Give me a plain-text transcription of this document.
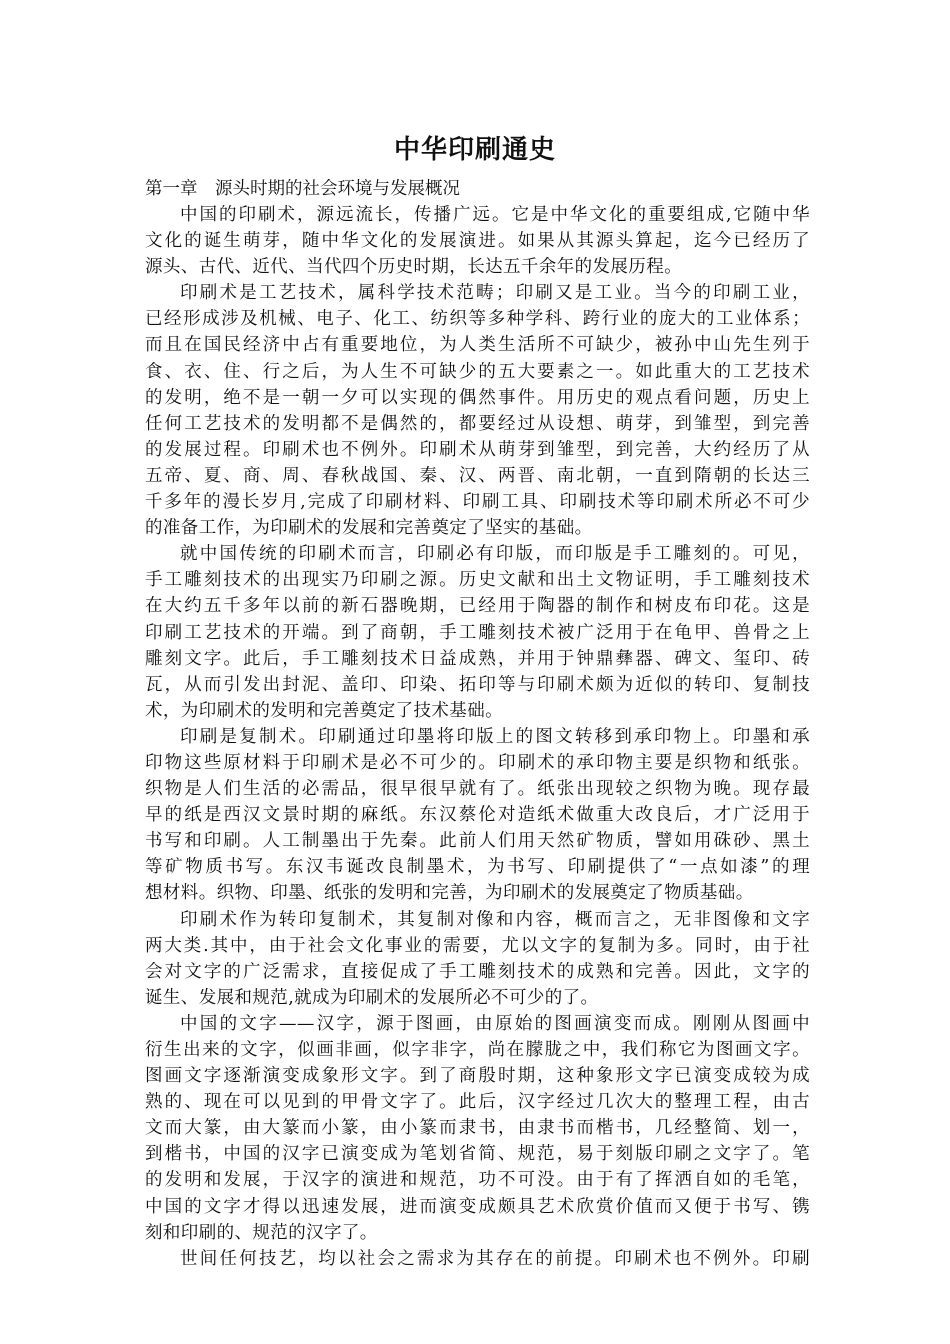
中华印刷通史
第一章　源头时期的社会环境与发展概况
中国的印刷术，源远流长，传播广远。它是中华文化的重要组成,它随中华
文化的诞生萌芽，随中华文化的发展演进。如果从其源头算起，迄今已经历了
源头、古代、近代、当代四个历史时期，长达五千余年的发展历程。
印刷术是工艺技术，属科学技术范畴；印刷又是工业。当今的印刷工业，
已经形成涉及机械、电子、化工、纺织等多种学科、跨行业的庞大的工业体系；
而且在国民经济中占有重要地位，为人类生活所不可缺少，被孙中山先生列于
食、衣、住、行之后，为人生不可缺少的五大要素之一。如此重大的工艺技术
的发明，绝不是一朝一夕可以实现的偶然事件。用历史的观点看问题，历史上
任何工艺技术的发明都不是偶然的，都要经过从设想、萌芽，到雏型，到完善
的发展过程。印刷术也不例外。印刷术从萌芽到雏型，到完善，大约经历了从
五帝、夏、商、周、春秋战国、秦、汉、两晋、南北朝，一直到隋朝的长达三
千多年的漫长岁月,完成了印刷材料、印刷工具、印刷技术等印刷术所必不可少
的准备工作，为印刷术的发展和完善奠定了坚实的基础。
就中国传统的印刷术而言，印刷必有印版，而印版是手工雕刻的。可见，
手工雕刻技术的出现实乃印刷之源。历史文献和出土文物证明，手工雕刻技术
在大约五千多年以前的新石器晚期，已经用于陶器的制作和树皮布印花。这是
印刷工艺技术的开端。到了商朝，手工雕刻技术被广泛用于在龟甲、兽骨之上
雕刻文字。此后，手工雕刻技术日益成熟，并用于钟鼎彝器、碑文、玺印、砖
瓦，从而引发出封泥、盖印、印染、拓印等与印刷术颇为近似的转印、复制技
术，为印刷术的发明和完善奠定了技术基础。
印刷是复制术。印刷通过印墨将印版上的图文转移到承印物上。印墨和承
印物这些原材料于印刷术是必不可少的。印刷术的承印物主要是织物和纸张。
织物是人们生活的必需品，很早很早就有了。纸张出现较之织物为晚。现存最
早的纸是西汉文景时期的麻纸。东汉蔡伦对造纸术做重大改良后，才广泛用于
书写和印刷。人工制墨出于先秦。此前人们用天然矿物质，譬如用硃砂、黑土
等矿物质书写。东汉韦诞改良制墨术，为书写、印刷提供了“一点如漆”的理
想材料。织物、印墨、纸张的发明和完善，为印刷术的发展奠定了物质基础。
印刷术作为转印复制术，其复制对像和内容，概而言之，无非图像和文字
两大类.其中，由于社会文化事业的需要，尤以文字的复制为多。同时，由于社
会对文字的广泛需求，直接促成了手工雕刻技术的成熟和完善。因此，文字的
诞生、发展和规范,就成为印刷术的发展所必不可少的了。
中国的文字——汉字，源于图画，由原始的图画演变而成。刚刚从图画中
衍生出来的文字，似画非画，似字非字，尚在朦胧之中，我们称它为图画文字。
图画文字逐渐演变成象形文字。到了商殷时期，这种象形文字已演变成较为成
熟的、现在可以见到的甲骨文字了。此后，汉字经过几次大的整理工程，由古
文而大篆，由大篆而小篆，由小篆而隶书，由隶书而楷书，几经整简、划一，
到楷书，中国的汉字已演变成为笔划省简、规范，易于刻版印刷之文字了。笔
的发明和发展，于汉字的演进和规范，功不可没。由于有了挥洒自如的毛笔，
中国的文字才得以迅速发展，进而演变成颇具艺术欣赏价值而又便于书写、镌
刻和印刷的、规范的汉字了。
世间任何技艺，均以社会之需求为其存在的前提。印刷术也不例外。印刷
